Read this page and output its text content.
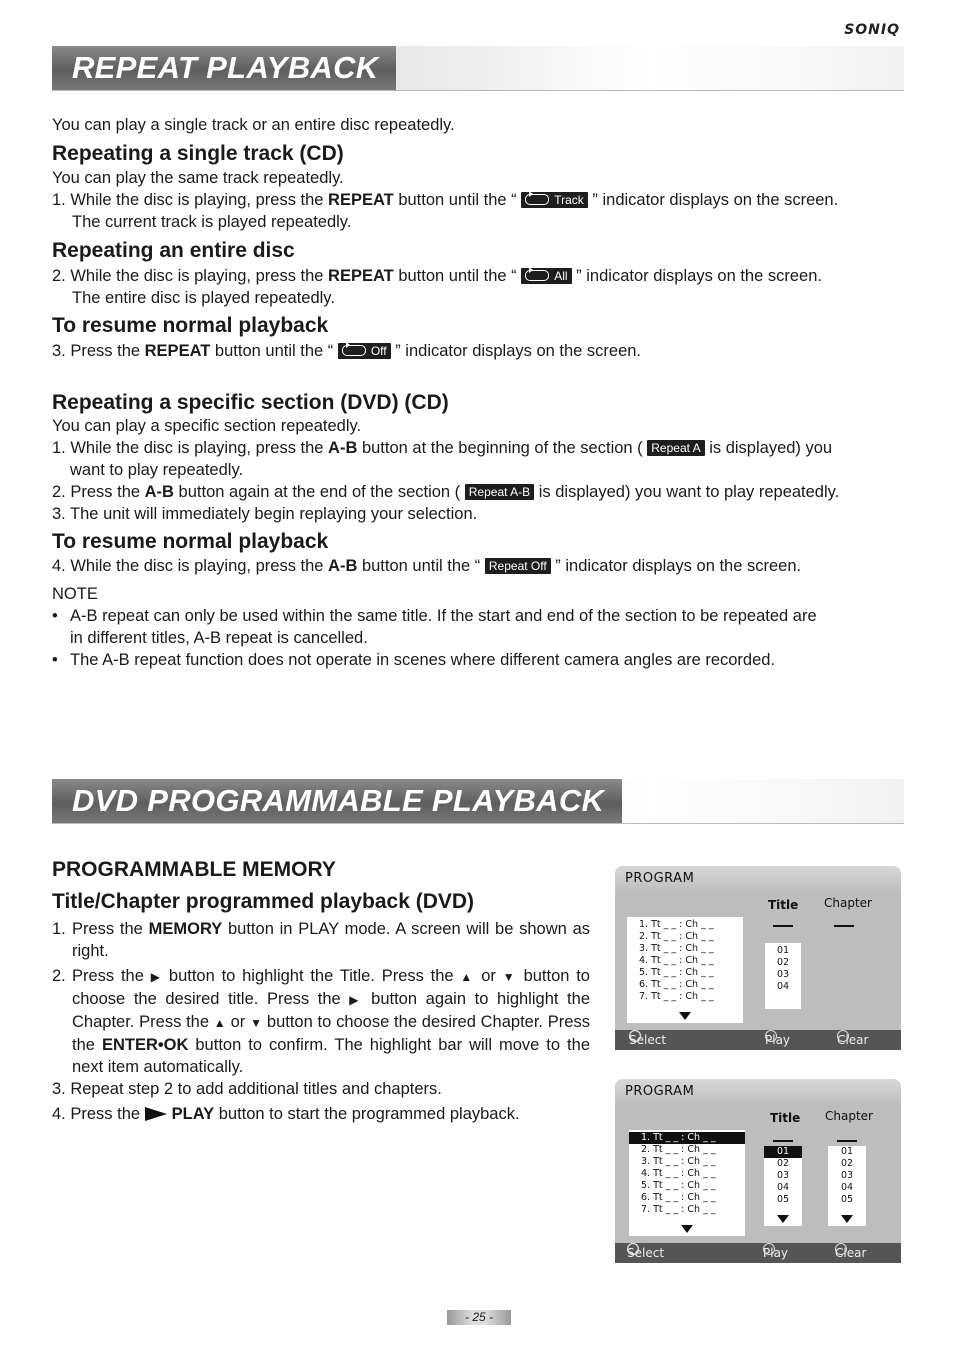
SONIQ
REPEAT PLAYBACK
You can play a single track or an entire disc repeatedly.
Repeating a single track (CD)
You can play the same track repeatedly.
1. While the disc is playing, press the REPEAT button until the “	Track ” indicator displays on the screen.
The current track is played repeatedly.
Repeating an entire disc
2. While the disc is playing, press the REPEAT button until the “	All ” indicator displays on the screen.
The entire disc is played repeatedly.
To resume normal playback
3. Press the REPEAT button until the “	Off ” indicator displays on the screen.
Repeating a specific section (DVD) (CD)
You can play a specific section repeatedly.
1. While the disc is playing, press the A-B button at the beginning of the section ( Repeat A is displayed) you
want to play repeatedly.
2. Press the A-B button again at the end of the section ( Repeat A-B is displayed) you want to play repeatedly.
3. The unit will immediately begin replaying your selection.
To resume normal playback
4. While the disc is playing, press the A-B button until the “ Repeat Off ” indicator displays on the screen.
NOTE
• A-B repeat can only be used within the same title. If the start and end of the section to be repeated are
in different titles, A-B repeat is cancelled.
• The A-B repeat function does not operate in scenes where different camera angles are recorded.
DVD PROGRAMMABLE PLAYBACK
PROGRAMMABLE MEMORY
Title/Chapter programmed playback (DVD)
1. Press the MEMORY button in PLAY mode. A screen will be shown as right.
2. Press the ▶ button to highlight the Title. Press the ▲ or ▼ button to choose the desired title. Press the ▶ button again to highlight the Chapter. Press the ▲ or ▼ button to choose the desired Chapter. Press the ENTER•OK button to confirm. The highlight bar will move to the next item automatically.
3. Repeat step 2 to add additional titles and chapters.
4. Press the PLAY button to start the programmed playback.
PROGRAM
Title Chapter
1. Tt _ _ : Ch _ _
2. Tt _ _ : Ch _ _
3. Tt _ _ : Ch _ _
4. Tt _ _ : Ch _ _
5. Tt _ _ : Ch _ _
6. Tt _ _ : Ch _ _
7. Tt _ _ : Ch _ _
01
02
03
04
Select	Play	Clear
PROGRAM
Title Chapter
1. Tt _ _ : Ch _ _
2. Tt _ _ : Ch _ _
3. Tt _ _ : Ch _ _
4. Tt _ _ : Ch _ _
5. Tt _ _ : Ch _ _
6. Tt _ _ : Ch _ _
7. Tt _ _ : Ch _ _
01
02
03
04
05
01
02
03
04
05
Select	Play	Clear
- 25 -
